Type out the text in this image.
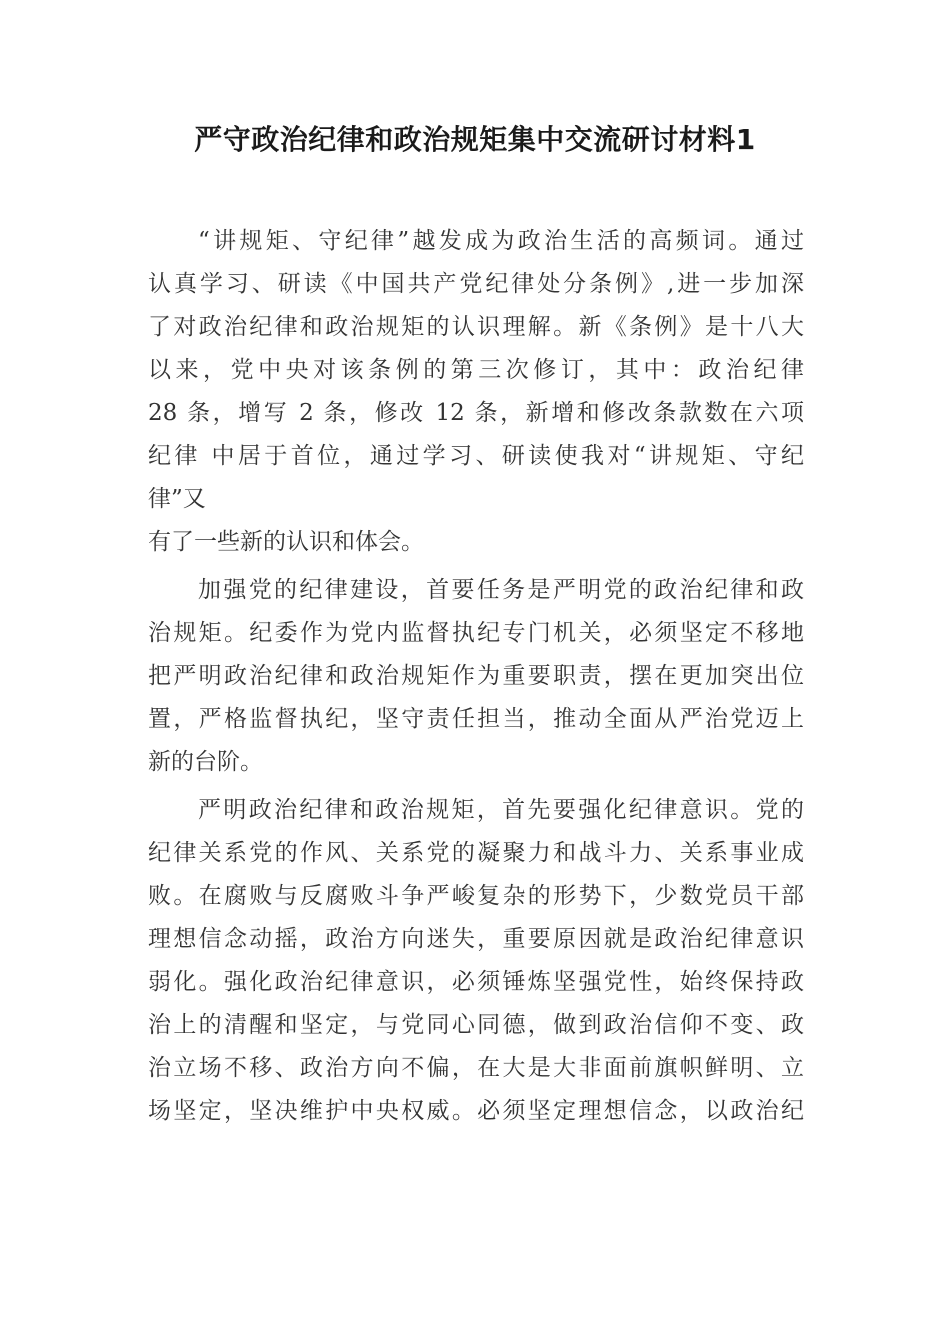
严守政治纪律和政治规矩集中交流研讨材料1
“讲规矩、守纪律”越发成为政治生活的高频词。通过
认真学习、研读《中国共产党纪律处分条例》,进一步加深
了对政治纪律和政治规矩的认识理解。新《条例》是十八大
以来，党中央对该条例的第三次修订，其中：政治纪律
28 条，增写 2 条，修改 12 条，新增和修改条款数在六项
纪律 中居于首位，通过学习、研读使我对“讲规矩、守纪
律”又
有了一些新的认识和体会。
加强党的纪律建设，首要任务是严明党的政治纪律和政
治规矩。纪委作为党内监督执纪专门机关，必须坚定不移地
把严明政治纪律和政治规矩作为重要职责，摆在更加突出位
置，严格监督执纪，坚守责任担当，推动全面从严治党迈上
新的台阶。
严明政治纪律和政治规矩，首先要强化纪律意识。党的
纪律关系党的作风、关系党的凝聚力和战斗力、关系事业成
败。在腐败与反腐败斗争严峻复杂的形势下，少数党员干部
理想信念动摇，政治方向迷失，重要原因就是政治纪律意识
弱化。强化政治纪律意识，必须锤炼坚强党性，始终保持政
治上的清醒和坚定，与党同心同德，做到政治信仰不变、政
治立场不移、政治方向不偏，在大是大非面前旗帜鲜明、立
场坚定，坚决维护中央权威。必须坚定理想信念，以政治纪
